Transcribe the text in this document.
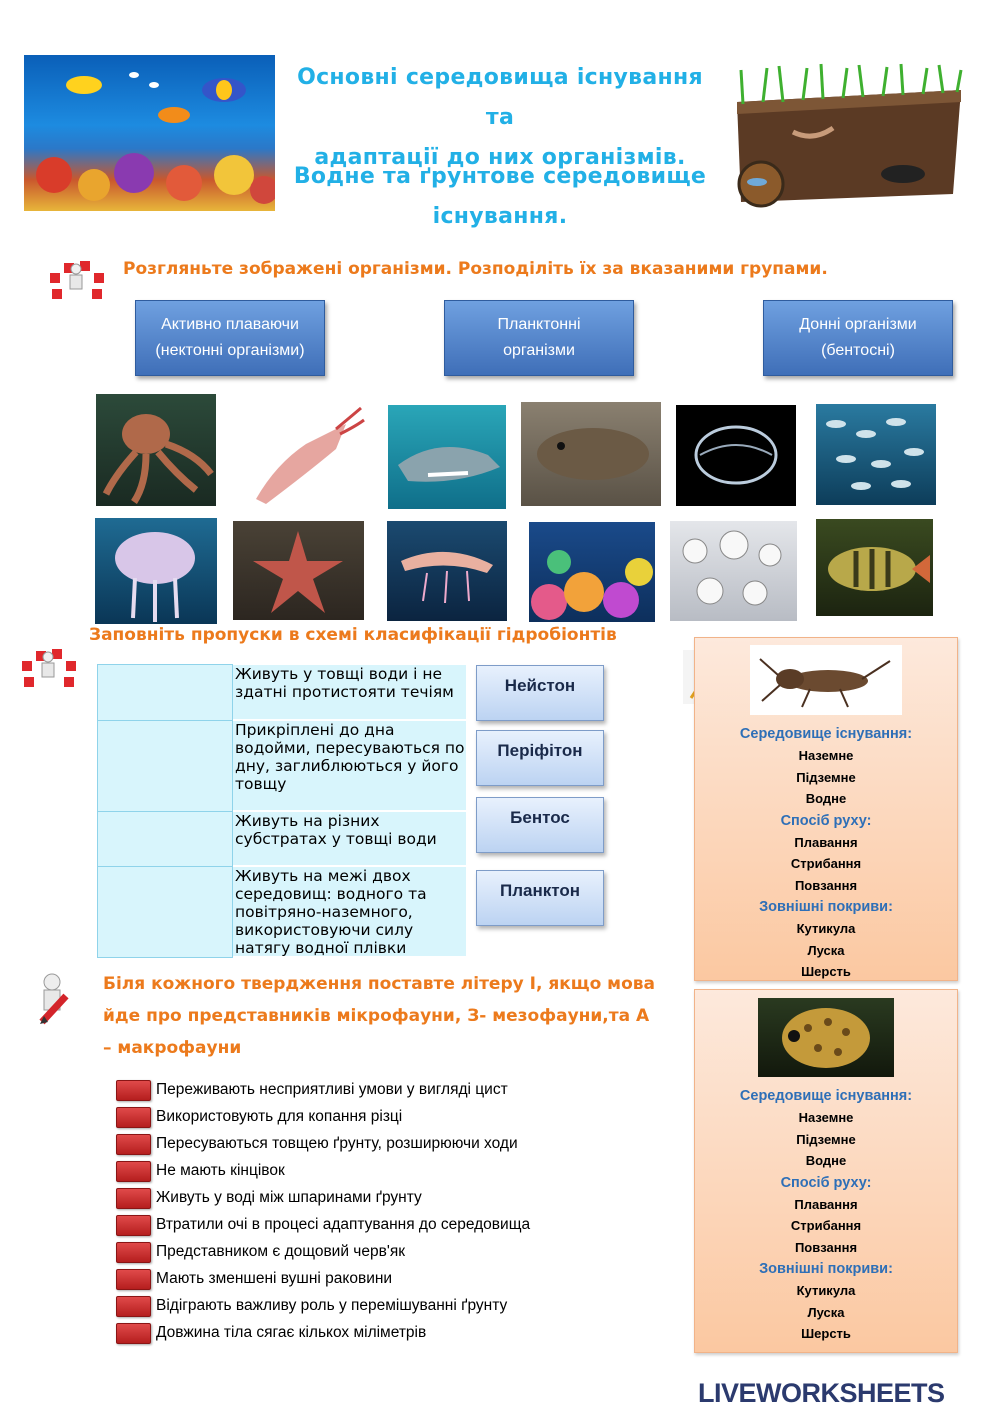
Основні середовища існування та
адаптації до них організмів.
Водне та ґрунтове середовище
існування.
Розгляньте зображені організми. Розподіліть їх за вказаними групами.
Активно плаваючи
(нектонні організми)
Планктонні
організми
Донні організми
(бентосні)
Заповніть пропуски в схемі класифікації гідробіонтів
Живуть у товщі води і не здатні протистояти течіям
Прикріплені до дна водойми, пересуваються по дну, заглиблюються у його товщу
Живуть на різних субстратах у товщі води
Живуть на межі двох середовищ: водного та повітряно-наземного, використовуючи силу натягу водної плівки
Нейстон
Періфітон
Бентос
Планктон
Біля кожного твердження поставте літеру І, якщо мова
йде про представників мікрофауни, З- мезофауни,та А
– макрофауни
Переживають несприятливі умови у вигляді цист
Використовують для копання різці
Пересуваються товщею ґрунту, розширюючи ходи
Не мають кінцівок
Живуть у воді між шпаринами ґрунту
Втратили очі в процесі адаптування до середовища
Представником є дощовий черв'як
Мають зменшені вушні раковини
Відіграють важливу роль у перемішуванні ґрунту
Довжина тіла сягає кількох міліметрів
Середовище існування:
Наземне
Підземне
Водне
Спосіб руху:
Плавання
Стрибання
Повзання
Зовнішні покриви:
Кутикула
Луска
Шерсть
Середовище існування:
Наземне
Підземне
Водне
Спосіб руху:
Плавання
Стрибання
Повзання
Зовнішні покриви:
Кутикула
Луска
Шерсть
LIVEWORKSHEETS
